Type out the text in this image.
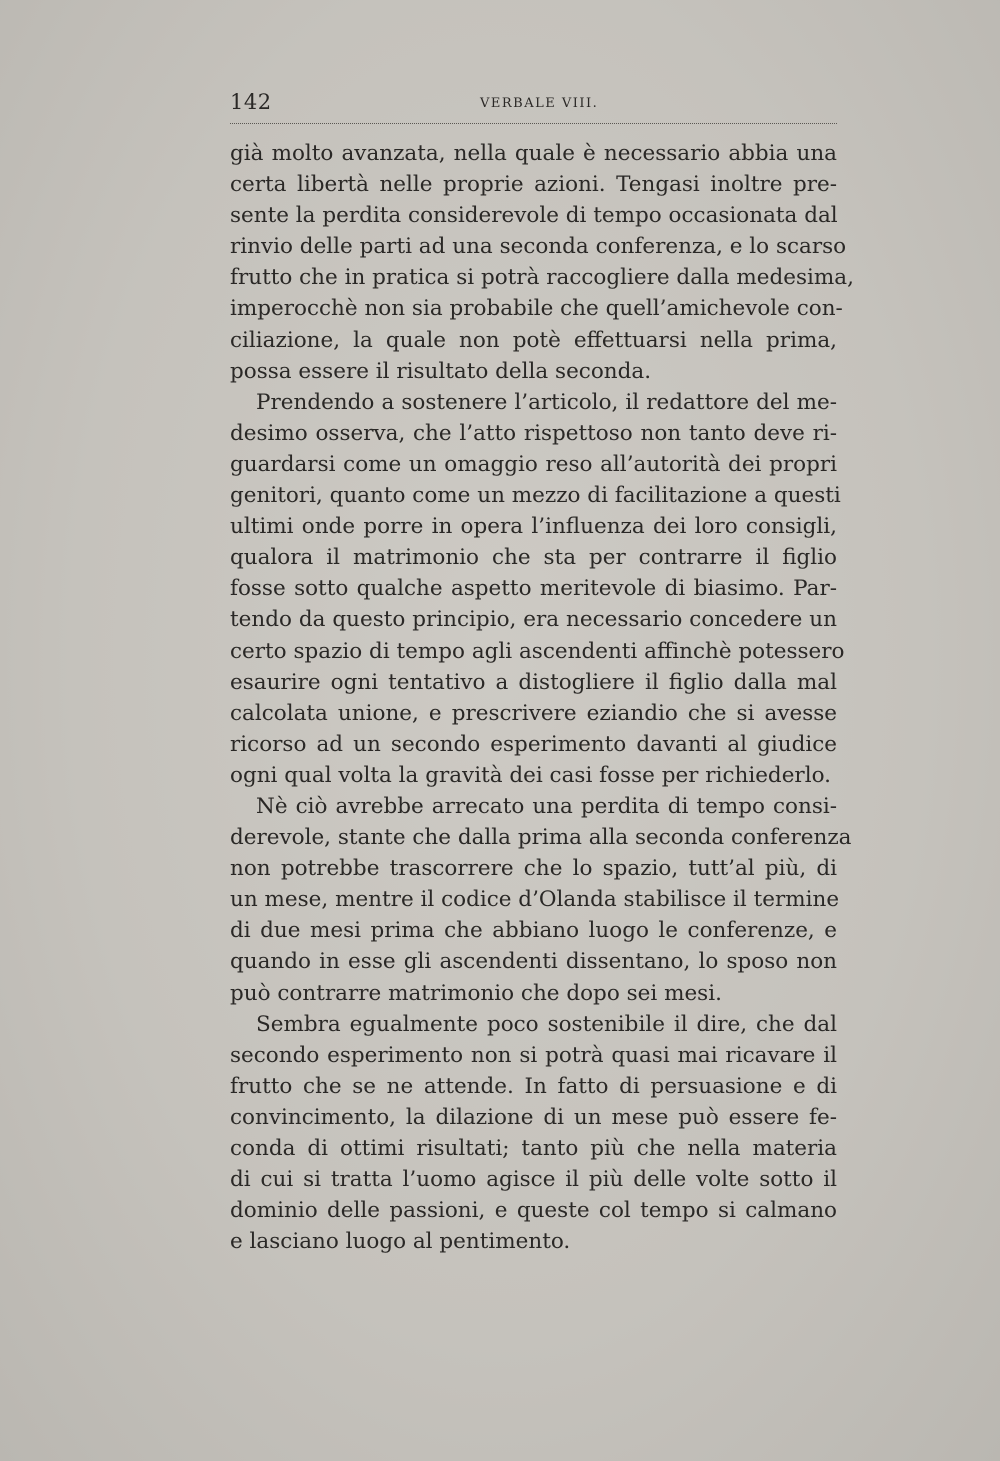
142	VERBALE VIII.
già molto avanzata, nella quale è necessario abbia una
certa libertà nelle proprie azioni. Tengasi inoltre pre-
sente la perdita considerevole di tempo occasionata dal
rinvio delle parti ad una seconda conferenza, e lo scarso
frutto che in pratica si potrà raccogliere dalla medesima,
imperocchè non sia probabile che quell’amichevole con-
ciliazione, la quale non potè effettuarsi nella prima,
possa essere il risultato della seconda.
Prendendo a sostenere l’articolo, il redattore del me-
desimo osserva, che l’atto rispettoso non tanto deve ri-
guardarsi come un omaggio reso all’autorità dei propri
genitori, quanto come un mezzo di facilitazione a questi
ultimi onde porre in opera l’influenza dei loro consigli,
qualora il matrimonio che sta per contrarre il figlio
fosse sotto qualche aspetto meritevole di biasimo. Par-
tendo da questo principio, era necessario concedere un
certo spazio di tempo agli ascendenti affinchè potessero
esaurire ogni tentativo a distogliere il figlio dalla mal
calcolata unione, e prescrivere eziandio che si avesse
ricorso ad un secondo esperimento davanti al giudice
ogni qual volta la gravità dei casi fosse per richiederlo.
Nè ciò avrebbe arrecato una perdita di tempo consi-
derevole, stante che dalla prima alla seconda conferenza
non potrebbe trascorrere che lo spazio, tutt’al più, di
un mese, mentre il codice d’Olanda stabilisce il termine
di due mesi prima che abbiano luogo le conferenze, e
quando in esse gli ascendenti dissentano, lo sposo non
può contrarre matrimonio che dopo sei mesi.
Sembra egualmente poco sostenibile il dire, che dal
secondo esperimento non si potrà quasi mai ricavare il
frutto che se ne attende. In fatto di persuasione e di
convincimento, la dilazione di un mese può essere fe-
conda di ottimi risultati; tanto più che nella materia
di cui si tratta l’uomo agisce il più delle volte sotto il
dominio delle passioni, e queste col tempo si calmano
e lasciano luogo al pentimento.
